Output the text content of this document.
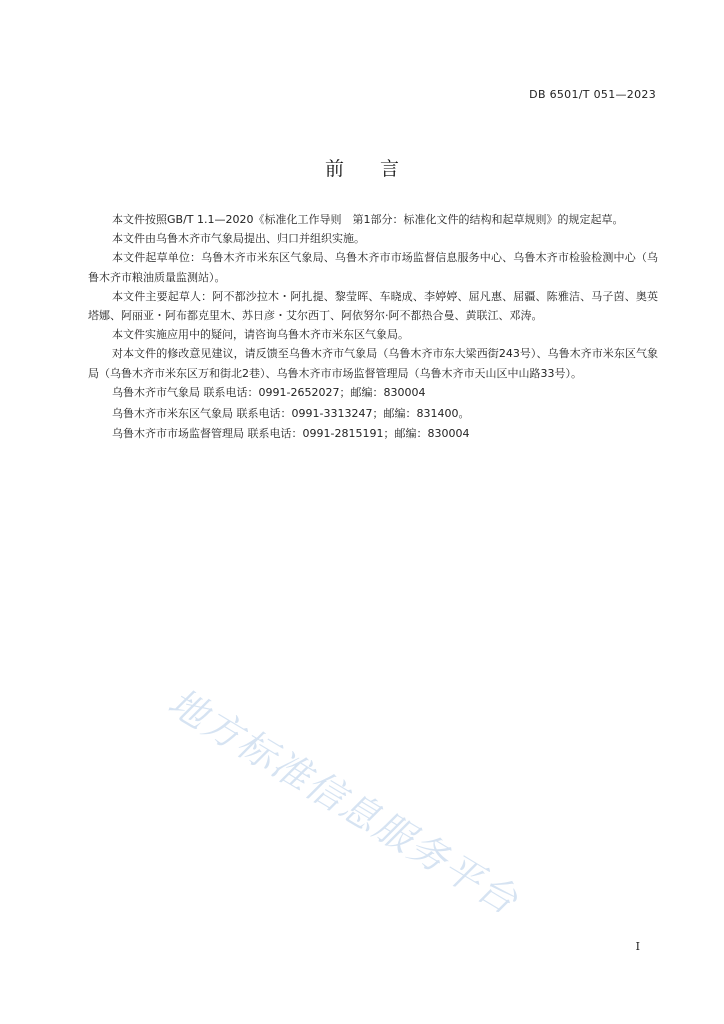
DB 6501/T 051—2023
前言

本文件按照GB/T 1.1—2020《标准化工作导则　第1部分：标准化文件的结构和起草规则》的规定起草。

本文件由乌鲁木齐市气象局提出、归口并组织实施。

本文件起草单位：乌鲁木齐市米东区气象局、乌鲁木齐市市场监督信息服务中心、乌鲁木齐市检验检测中心（乌鲁木齐市粮油质量监测站）。

本文件主要起草人：阿不都沙拉木・阿扎提、黎莹晖、车晓成、李婷婷、屈凡惠、屈疆、陈雅洁、马子茵、奥英塔娜、阿丽亚・阿布都克里木、苏日彦・艾尔西丁、阿依努尔·阿不都热合曼、黄联江、邓涛。

本文件实施应用中的疑问，请咨询乌鲁木齐市米东区气象局。

对本文件的修改意见建议，请反馈至乌鲁木齐市气象局（乌鲁木齐市东大梁西街243号）、乌鲁木齐市米东区气象局（乌鲁木齐市米东区万和街北2巷）、乌鲁木齐市市场监督管理局（乌鲁木齐市天山区中山路33号）。

乌鲁木齐市气象局 联系电话：0991-2652027；邮编：830004

乌鲁木齐市米东区气象局 联系电话：0991-3313247；邮编：831400。

乌鲁木齐市市场监督管理局 联系电话：0991-2815191；邮编：830004

地方标准信息服务平台
I
